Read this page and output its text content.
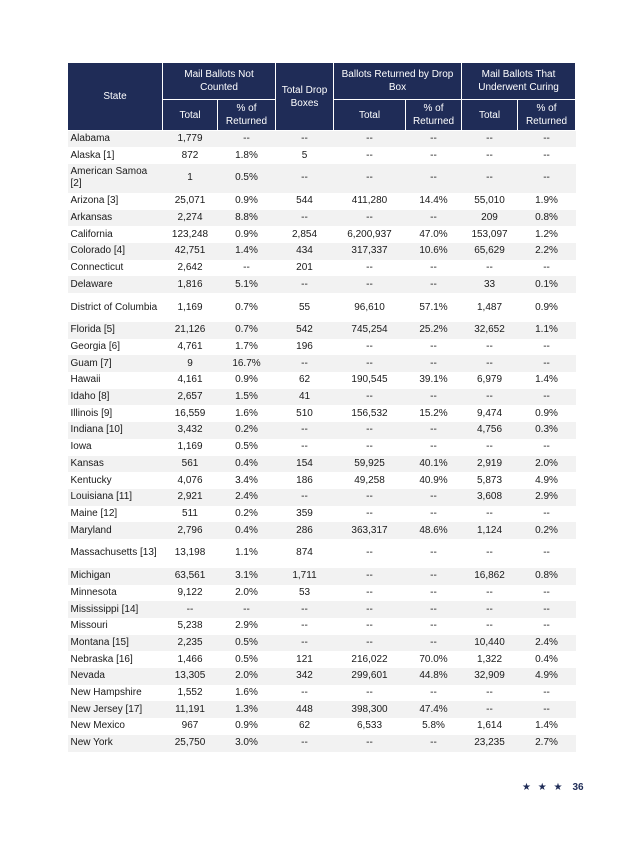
State	Mail Ballots Not Counted		Total Drop Boxes	Ballots Returned by Drop Box		Mail Ballots That Underwent Curing	
	Total	% of Returned		Total	% of Returned	Total	% of Returned
Alabama	1,779	--	--	--	--	--	--
Alaska [1]	872	1.8%	5	--	--	--	--
American Samoa [2]	1	0.5%	--	--	--	--	--
Arizona [3]	25,071	0.9%	544	411,280	14.4%	55,010	1.9%
Arkansas	2,274	8.8%	--	--	--	209	0.8%
California	123,248	0.9%	2,854	6,200,937	47.0%	153,097	1.2%
Colorado [4]	42,751	1.4%	434	317,337	10.6%	65,629	2.2%
Connecticut	2,642	--	201	--	--	--	--
Delaware	1,816	5.1%	--	--	--	33	0.1%
District of Columbia	1,169	0.7%	55	96,610	57.1%	1,487	0.9%
Florida [5]	21,126	0.7%	542	745,254	25.2%	32,652	1.1%
Georgia [6]	4,761	1.7%	196	--	--	--	--
Guam [7]	9	16.7%	--	--	--	--	--
Hawaii	4,161	0.9%	62	190,545	39.1%	6,979	1.4%
Idaho [8]	2,657	1.5%	41	--	--	--	--
Illinois [9]	16,559	1.6%	510	156,532	15.2%	9,474	0.9%
Indiana [10]	3,432	0.2%	--	--	--	4,756	0.3%
Iowa	1,169	0.5%	--	--	--	--	--
Kansas	561	0.4%	154	59,925	40.1%	2,919	2.0%
Kentucky	4,076	3.4%	186	49,258	40.9%	5,873	4.9%
Louisiana [11]	2,921	2.4%	--	--	--	3,608	2.9%
Maine [12]	511	0.2%	359	--	--	--	--
Maryland	2,796	0.4%	286	363,317	48.6%	1,124	0.2%
Massachusetts [13]	13,198	1.1%	874	--	--	--	--
Michigan	63,561	3.1%	1,711	--	--	16,862	0.8%
Minnesota	9,122	2.0%	53	--	--	--	--
Mississippi [14]	--	--	--	--	--	--	--
Missouri	5,238	2.9%	--	--	--	--	--
Montana [15]	2,235	0.5%	--	--	--	10,440	2.4%
Nebraska [16]	1,466	0.5%	121	216,022	70.0%	1,322	0.4%
Nevada	13,305	2.0%	342	299,601	44.8%	32,909	4.9%
New Hampshire	1,552	1.6%	--	--	--	--	--
New Jersey [17]	11,191	1.3%	448	398,300	47.4%	--	--
New Mexico	967	0.9%	62	6,533	5.8%	1,614	1.4%
New York	25,750	3.0%	--	--	--	23,235	2.7%
★ ★ ★ 36
